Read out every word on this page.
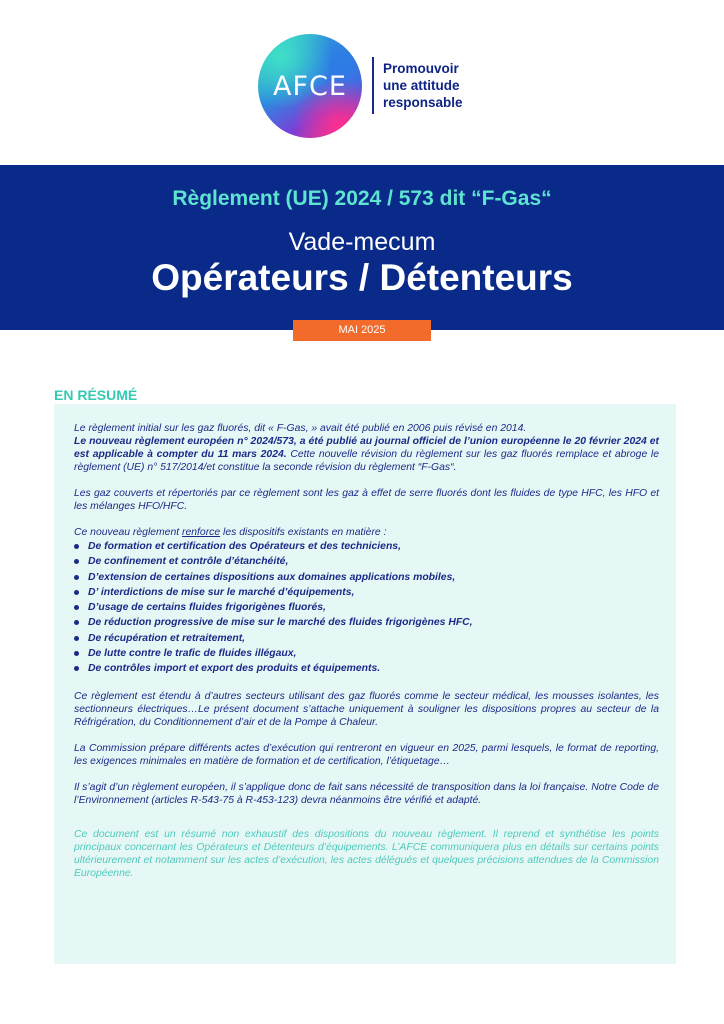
AFCE
Promouvoir
une attitude
responsable
Règlement (UE) 2024 / 573 dit “F-Gas“
Vade-mecum
Opérateurs / Détenteurs
MAI 2025
EN RÉSUMÉ

Le règlement initial sur les gaz fluorés, dit « F-Gas, » avait été publié en 2006 puis révisé en 2014.
Le nouveau règlement européen n° 2024/573, a été publié au journal officiel de l’union européenne le 20 février 2024 et est applicable à compter du 11 mars 2024. Cette nouvelle révision du règlement sur les gaz fluorés remplace et abroge le règlement (UE) n° 517/2014/et constitue la seconde révision du règlement “F-Gas“.

Les gaz couverts et répertoriés par ce règlement sont les gaz à effet de serre fluorés dont les fluides de type HFC, les HFO et les mélanges HFO/HFC.

Ce nouveau règlement renforce les dispositifs existants en matière :

De formation et certification des Opérateurs et des techniciens,
De confinement et contrôle d’étanchéité,
D’extension de certaines dispositions aux domaines applications mobiles,
D’ interdictions de mise sur le marché d’équipements,
D’usage de certains fluides frigorigènes fluorés,
De réduction progressive de mise sur le marché des fluides frigorigènes HFC,
De récupération et retraitement,
De lutte contre le trafic de fluides illégaux,
De contrôles import et export des produits et équipements.

Ce règlement est étendu à d’autres secteurs utilisant des gaz fluorés comme le secteur médical, les mousses isolantes, les sectionneurs électriques…Le présent document s’attache uniquement à souligner les dispositions propres au secteur de la Réfrigération, du Conditionnement d’air et de la Pompe à Chaleur.

La Commission prépare différents actes d’exécution qui rentreront en vigueur en 2025, parmi lesquels, le format de reporting, les exigences minimales en matière de formation et de certification, l’étiquetage…

Il s’agit d’un règlement européen, il s’applique donc de fait sans nécessité de transposition dans la loi française. Notre Code de l’Environnement (articles R-543-75 à R-453-123) devra néanmoins être vérifié et adapté.

Ce document est un résumé non exhaustif des dispositions du nouveau règlement. Il reprend et synthétise les points principaux concernant les Opérateurs et Détenteurs d’équipements. L’AFCE communiquera plus en détails sur certains points ultérieurement et notamment sur les actes d’exécution, les actes délégués et quelques précisions attendues de la Commission Européenne.
